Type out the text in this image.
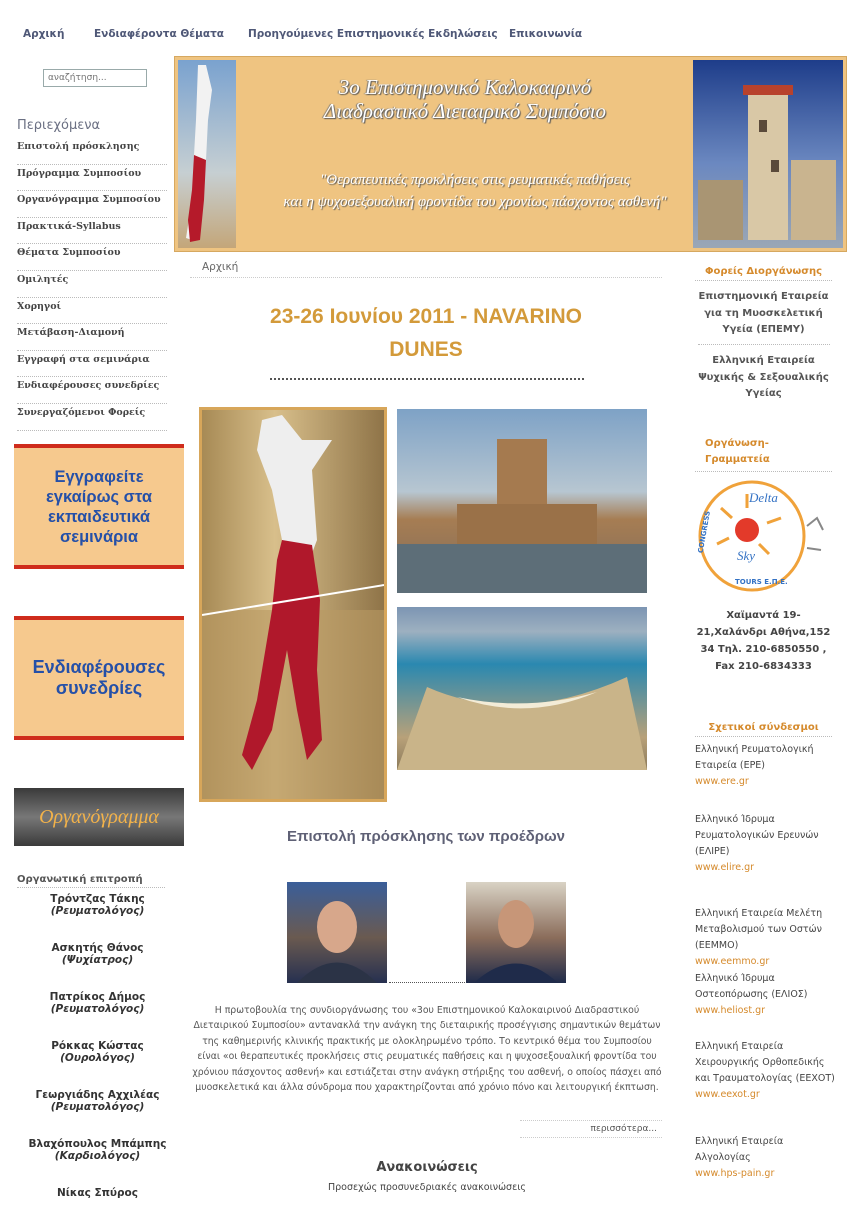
Αρχική	Ενδιαφέροντα Θέματα Προηγούμενες Επιστημονικές Εκδηλώσεις Επικοινωνία
αναζήτηση...
Περιεχόμενα
Επιστολή πρόσκλησης
Πρόγραμμα Συμποσίου
Οργανόγραμμα Συμποσίου
Πρακτικά-Syllabus
Θέματα Συμποσίου
Ομιλητές
Χορηγοί
Μετάβαση-Διαμονή
Εγγραφή στα σεμινάρια
Ενδιαφέρουσες συνεδρίες
Συνεργαζόμενοι Φορείς
Εγγραφείτε εγκαίρως στα εκπαιδευτικά σεμινάρια
Ενδιαφέρουσες συνεδρίες
Οργανόγραμμα
Οργανωτική επιτροπή
Τρόντζας Τάκης
(Ρευματολόγος)
Ασκητής Θάνος
(Ψυχίατρος)
Πατρίκος Δήμος
(Ρευματολόγος)
Ρόκκας Κώστας
(Ουρολόγος)
Γεωργιάδης Αχχιλέας
(Ρευματολόγος)
Βλαχόπουλος Μπάμπης
(Καρδιολόγος)
Νίκας Σπύρος
3ο Επιστημονικό Καλοκαιρινό
Διαδραστικό Διεταιρικό Συμπόσιο
"Θεραπευτικές προκλήσεις στις ρευματικές παθήσεις
και η ψυχοσεξουαλική φροντίδα του χρονίως πάσχοντος ασθενή"
Αρχική
23-26 Ιουνίου 2011 - NAVARINO
DUNES
Επιστολή πρόσκλησης των προέδρων
Η πρωτοβουλία της συνδιοργάνωσης του «3ου Επιστημονικού Καλοκαιρινού Διαδραστικού Διεταιρικού Συμποσίου» αντανακλά την ανάγκη της διεταιρικής προσέγγισης σημαντικών θεμάτων της καθημερινής κλινικής πρακτικής με ολοκληρωμένο τρόπο. Το κεντρικό θέμα του Συμποσίου είναι «οι θεραπευτικές προκλήσεις στις ρευματικές παθήσεις και η ψυχοσεξουαλική φροντίδα του χρόνιου πάσχοντος ασθενή» και εστιάζεται στην ανάγκη στήριξης του ασθενή, ο οποίος πάσχει από μυοσκελετικά και άλλα σύνδρομα που χαρακτηρίζονται από χρόνιο πόνο και λειτουργική έκπτωση.
περισσότερα...
Ανακοινώσεις
Προσεχώς προσυνεδριακές ανακοινώσεις
Φορείς Διοργάνωσης
Επιστημονική Εταιρεία για τη Μυοσκελετική Υγεία (ΕΠΕΜΥ)
Ελληνική Εταιρεία Ψυχικής & Σεξουαλικής Υγείας
Οργάνωση-Γραμματεία
Delta
Sky
CONGRESS
TOURS Ε.Π.Ε.
Χαϊμαντά 19-21,Χαλάνδρι Αθήνα,152 34 Τηλ. 210-6850550 , Fax 210-6834333
Σχετικοί σύνδεσμοι
Ελληνική Ρευματολογική Εταιρεία (ΕΡΕ)
www.ere.gr
Ελληνικό Ίδρυμα Ρευματολογικών Ερευνών (ΕΛΙΡΕ)
www.elire.gr
Ελληνική Εταιρεία Μελέτη Μεταβολισμού των Οστών (ΕΕΜΜΟ)
www.eemmo.gr
Ελληνικό Ίδρυμα Οστεοπόρωσης (ΕΛΙΟΣ)
www.heliost.gr
Ελληνική Εταιρεία Χειρουργικής Ορθοπεδικής και Τραυματολογίας (ΕΕΧΟΤ)
www.eexot.gr
Ελληνική Εταιρεία Αλγολογίας
www.hps-pain.gr
